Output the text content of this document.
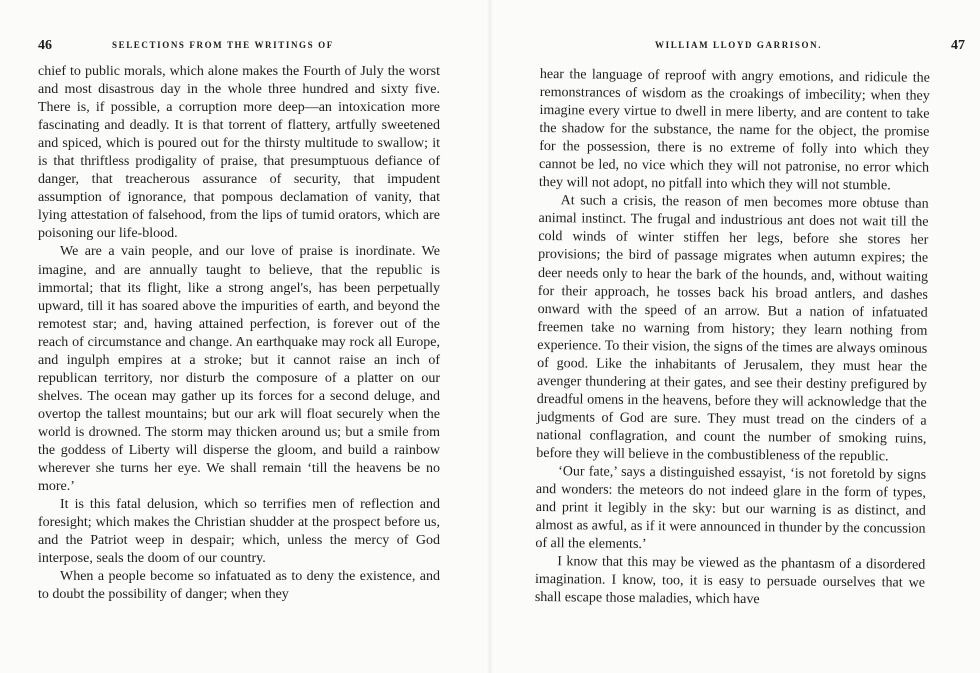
46	SELECTIONS FROM THE WRITINGS OF

chief to public morals, which alone makes the Fourth of July the worst and most disastrous day in the whole three hundred and sixty five. There is, if possible, a corruption more deep—an intoxication more fascinating and deadly. It is that torrent of flattery, artfully sweetened and spiced, which is poured out for the thirsty multitude to swallow; it is that thriftless prodigality of praise, that presumptuous defiance of danger, that treacherous assurance of security, that impudent assumption of ignorance, that pompous declamation of vanity, that lying attestation of falsehood, from the lips of tumid orators, which are poisoning our life-blood.

We are a vain people, and our love of praise is inordinate. We imagine, and are annually taught to believe, that the republic is immortal; that its flight, like a strong angel's, has been perpetually upward, till it has soared above the impurities of earth, and beyond the remotest star; and, having attained perfection, is forever out of the reach of circumstance and change. An earthquake may rock all Europe, and ingulph empires at a stroke; but it cannot raise an inch of republican territory, nor disturb the composure of a platter on our shelves. The ocean may gather up its forces for a second deluge, and overtop the tallest mountains; but our ark will float securely when the world is drowned. The storm may thicken around us; but a smile from the goddess of Liberty will disperse the gloom, and build a rainbow wherever she turns her eye. We shall remain ‘till the heavens be no more.’

It is this fatal delusion, which so terrifies men of reflection and foresight; which makes the Christian shudder at the prospect before us, and the Patriot weep in despair; which, unless the mercy of God interpose, seals the doom of our country.

When a people become so infatuated as to deny the existence, and to doubt the possibility of danger; when they

WILLIAM LLOYD GARRISON.	47

hear the language of reproof with angry emotions, and ridicule the remonstrances of wisdom as the croakings of imbecility; when they imagine every virtue to dwell in mere liberty, and are content to take the shadow for the substance, the name for the object, the promise for the possession, there is no extreme of folly into which they cannot be led, no vice which they will not patronise, no error which they will not adopt, no pitfall into which they will not stumble.

At such a crisis, the reason of men becomes more obtuse than animal instinct. The frugal and industrious ant does not wait till the cold winds of winter stiffen her legs, before she stores her provisions; the bird of passage migrates when autumn expires; the deer needs only to hear the bark of the hounds, and, without waiting for their approach, he tosses back his broad antlers, and dashes onward with the speed of an arrow. But a nation of infatuated freemen take no warning from history; they learn nothing from experience. To their vision, the signs of the times are always ominous of good. Like the inhabitants of Jerusalem, they must hear the avenger thundering at their gates, and see their destiny prefigured by dreadful omens in the heavens, before they will acknowledge that the judgments of God are sure. They must tread on the cinders of a national conflagration, and count the number of smoking ruins, before they will believe in the combustibleness of the republic.

‘Our fate,’ says a distinguished essayist, ‘is not foretold by signs and wonders: the meteors do not indeed glare in the form of types, and print it legibly in the sky: but our warning is as distinct, and almost as awful, as if it were announced in thunder by the concussion of all the elements.’

I know that this may be viewed as the phantasm of a disordered imagination. I know, too, it is easy to persuade ourselves that we shall escape those maladies, which have
